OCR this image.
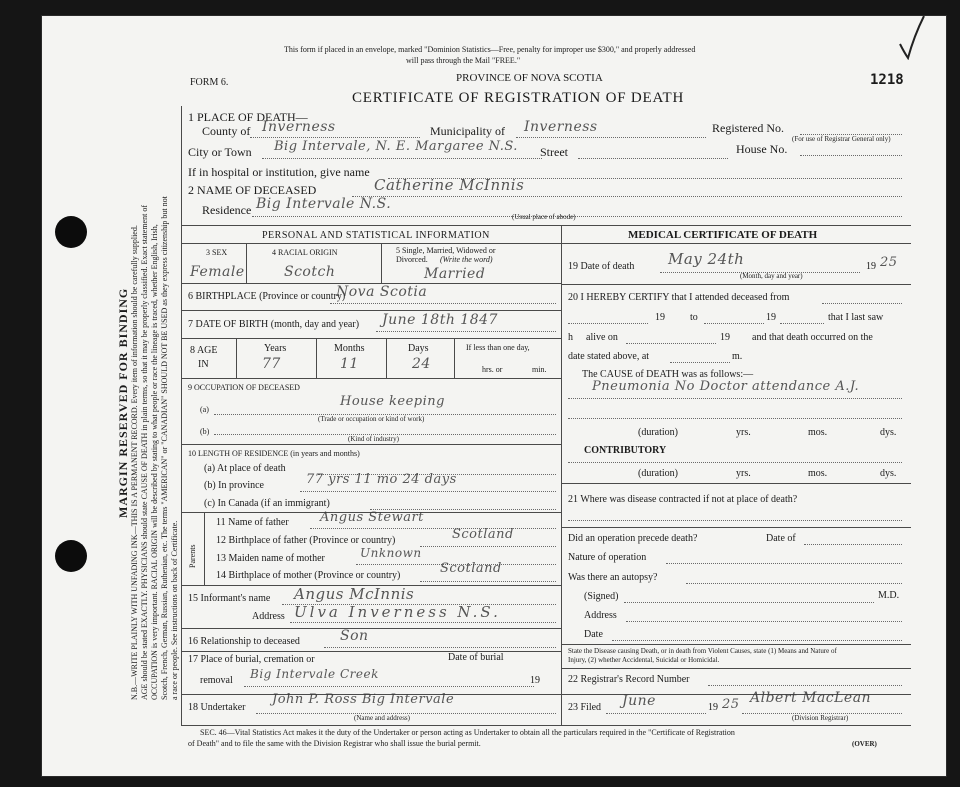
MARGIN RESERVED FOR BINDING N.B.—WRITE PLAINLY WITH UNFADING INK—THIS IS A PERMANENT RECORD. Every item of information should be carefully supplied. AGE should be stated EXACTLY. PHYSICIANS should state CAUSE OF DEATH in plain terms, so that it may be properly classified. Exact statement of OCCUPATION is very important. RACIAL ORIGIN will be described by stating to what people or race the lineage is traced, whether English, Irish, Scotch, French, German, Russian, Ruthenian, etc. The terms "AMERICAN" or "CANADIAN" SHOULD NOT BE USED as they express citizenship but not a race or people. See instructions on back of Certificate.
This form if placed in an envelope, marked "Dominion Statistics—Free, penalty for improper use $300," and properly addressed
will pass through the Mail "FREE."
FORM 6.	PROVINCE OF NOVA SCOTIA
CERTIFICATE OF REGISTRATION OF DEATH
1218
1 PLACE OF DEATH—
County of Inverness	Municipality of Inverness	Registered No.
(For use of Registrar General only)
City or Town Big Intervale, N. E. Margaree N.S. Street	House No.
If in hospital or institution, give name
2 NAME OF DECEASED	Catherine McInnis
Residence Big Intervale N.S.
(Usual place of abode)
PERSONAL AND STATISTICAL INFORMATION
3 SEX	4 RACIAL ORIGIN	5 Single, Married, Widowed or
Divorced. (Write the word)
Female	Scotch	Married
6 BIRTHPLACE (Province or country)
Nova Scotia
7 DATE OF BIRTH (month, day and year) June 18th 1847
8 AGE
IN
Years	Months	Days
77	11	24
If less than one day,
hrs. or	min.
9 OCCUPATION OF DECEASED
(a)
House keeping
(Trade or occupation or kind of work)
(b)
(Kind of industry)
10 LENGTH OF RESIDENCE (in years and months)
(a) At place of death
(b) In province	77 yrs 11 mo 24 days
(c) In Canada (if an immigrant)
Parents
11 Name of father Angus Stewart
12 Birthplace of father (Province or country)	Scotland
13 Maiden name of mother	Unknown
14 Birthplace of mother (Province or country)	Scotland
15 Informant's name Angus McInnis
Address Ulva Inverness N.S.
16 Relationship to deceased	Son
17 Place of burial, cremation or	Date of burial
removal Big Intervale Creek	19
18 Undertaker
John P. Ross Big Intervale
(Name and address)
MEDICAL CERTIFICATE OF DEATH
19 Date of death May 24th
(Month, day and year)
19 25
20 I HEREBY CERTIFY that I attended deceased from
19	to	19	that I last saw
h alive on	19 and that death occurred on the
date stated above, at	m.
The CAUSE of DEATH was as follows:—
Pneumonia No Doctor attendance A.J.
(duration)	yrs.	mos.	dys.
CONTRIBUTORY
(duration)	yrs.	mos.	dys.
21 Where was disease contracted if not at place of death?
Did an operation precede death?	Date of
Nature of operation
Was there an autopsy?
(Signed)	M.D.
Address
Date
State the Disease causing Death, or in death from Violent Causes, state (1) Means and Nature of
Injury, (2) whether Accidental, Suicidal or Homicidal.
22 Registrar's Record Number
23 Filed June	19 25 Albert MacLean
(Division Registrar)
SEC. 46—Vital Statistics Act makes it the duty of the Undertaker or person acting as Undertaker to obtain all the particulars required in the "Certificate of Registration
of Death" and to file the same with the Division Registrar who shall issue the burial permit.	(OVER)
